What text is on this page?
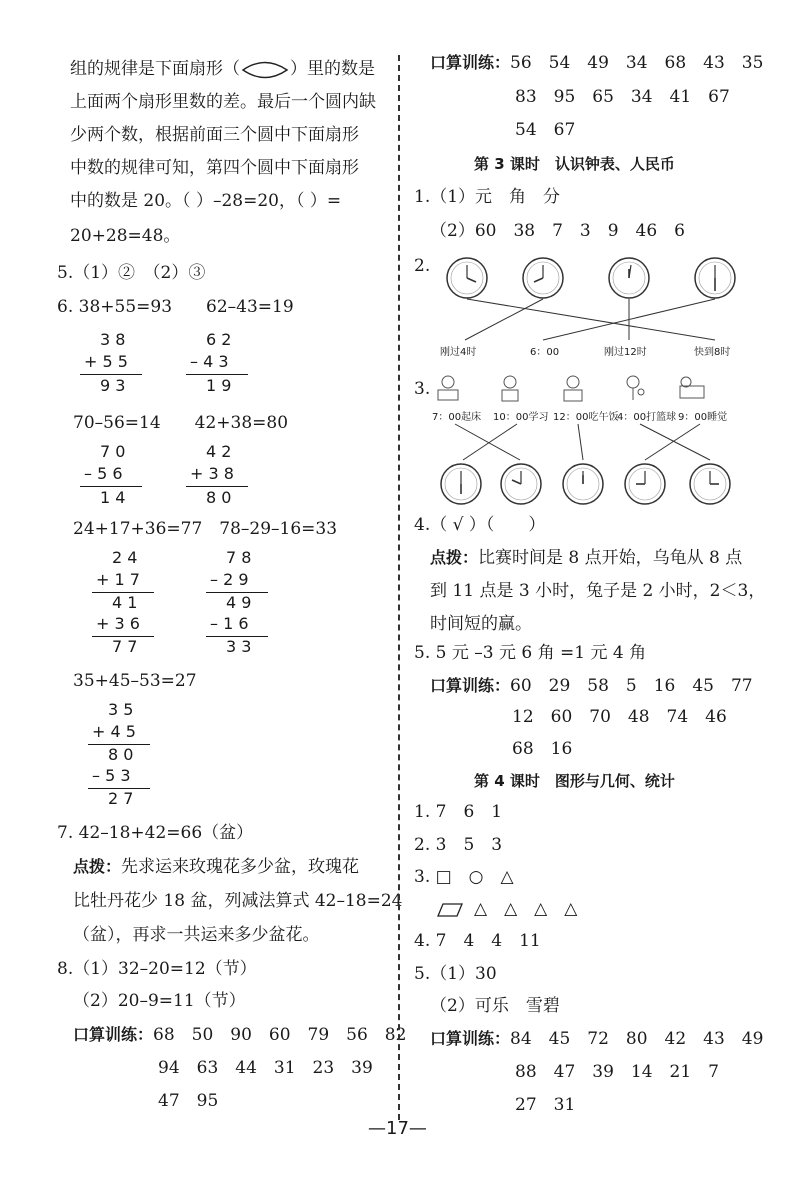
组的规律是下面扇形（	）里的数是
上面两个扇形里数的差。最后一个圆内缺
少两个数，根据前面三个圆中下面扇形
中数的规律可知，第四个圆中下面扇形
中的数是 20。（ ）–28=20，（ ）=
20+28=48。
5.（1）②　（2）③
6. 38+55=93　　62–43=19
3 8
+ 5 5
9 3
6 2
– 4 3
1 9
70–56=14　　42+38=80
7 0
– 5 6
1 4
4 2
+ 3 8
8 0
24+17+36=77　78–29–16=33
2 4
+ 1 7
4 1
+ 3 6
7 7
7 8
– 2 9
4 9
– 1 6
3 3
35+45–53=27
3 5
+ 4 5
8 0
– 5 3
2 7
7. 42–18+42=66（盆）
点拨：先求运来玫瑰花多少盆，玫瑰花
比牡丹花少 18 盆，列减法算式 42–18=24
（盆），再求一共运来多少盆花。
8.（1）32–20=12（节）
（2）20–9=11（节）
口算训练：68　50　90　60　79　56　82
94　63　44　31　23　39
47　95
口算训练：56　54　49　34　68　43　35
83　95　65　34　41　67
54　67
第 3 课时　认识钟表、人民币
1.（1）元　角　分
（2）60　38　7　3　9　46　6
2.
刚过4时	6：00	刚过12时	快到8时
3.
7：00起床 10：00学习 12：00吃午饭
4：00打篮球 9：00睡觉
4.（ √ ）（　　）
点拨：比赛时间是 8 点开始，乌龟从 8 点
到 11 点是 3 小时，兔子是 2 小时，2＜3，
时间短的赢。
5. 5 元 –3 元 6 角 =1 元 4 角
口算训练：60　29　58　5　16　45　77
12　60　70　48　74　46
68　16
第 4 课时　图形与几何、统计
1. 7　6　1
2. 3　5　3
3. □　○　△
△　△　△　△
4. 7　4　4　11
5.（1）30
（2）可乐　雪碧
口算训练：84　45　72　80　42　43　49
88　47　39　14　21　7
27　31
—17—
